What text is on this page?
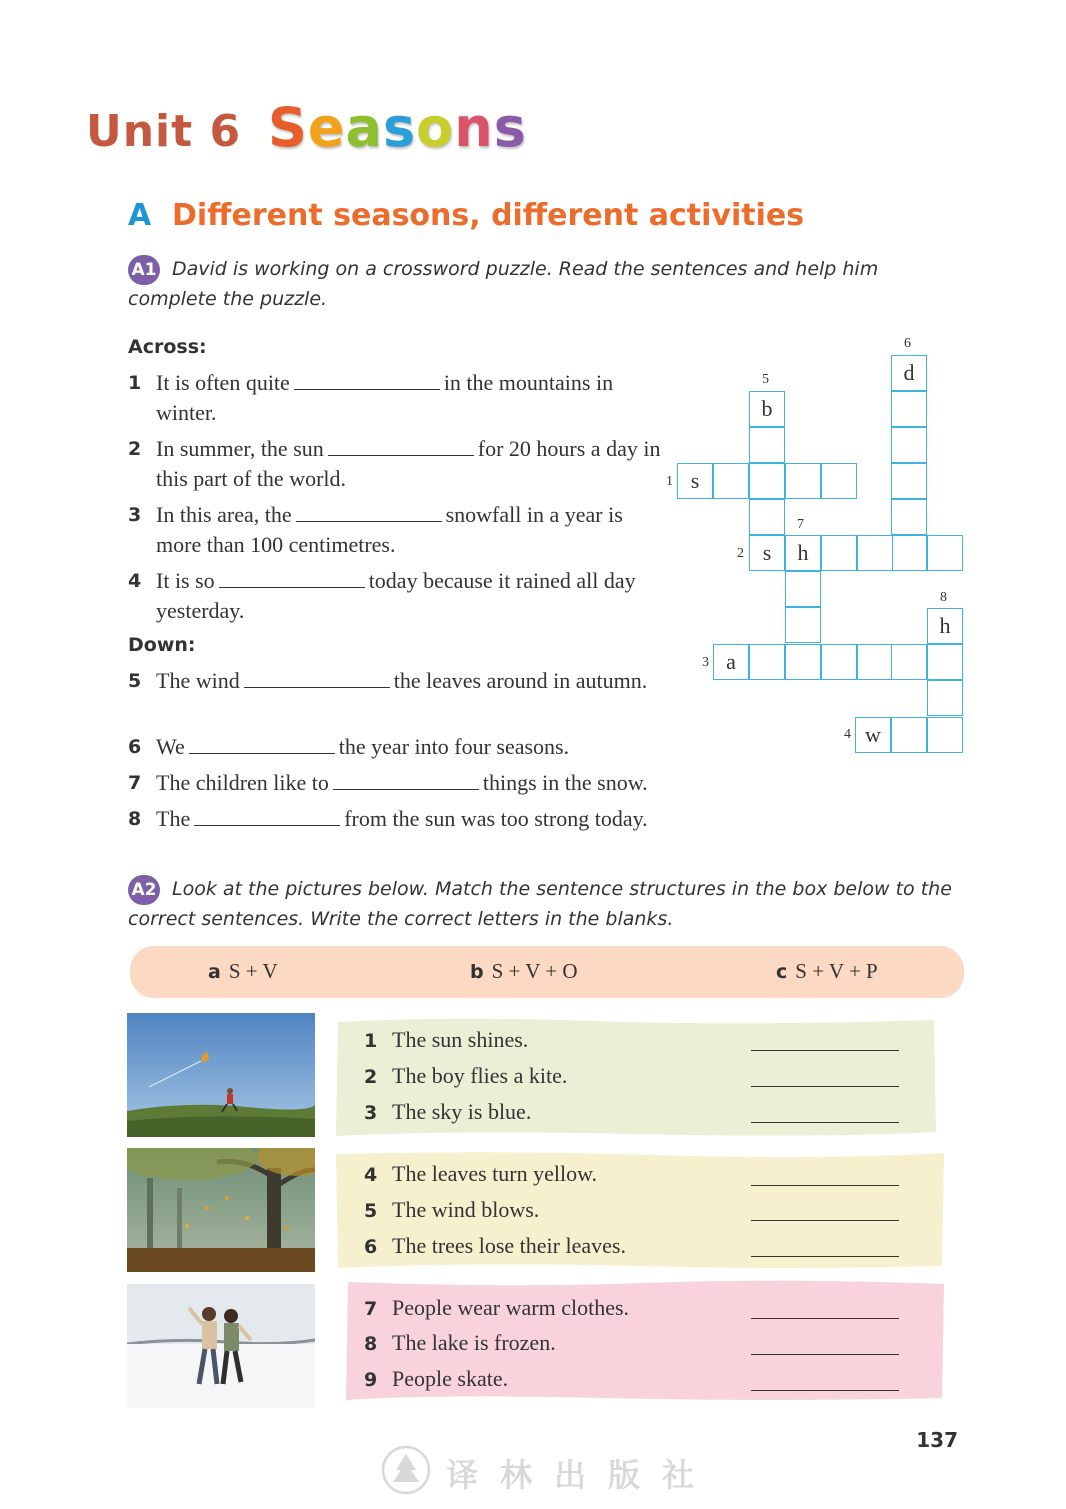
Unit 6 Seasons
A Different seasons, different activities
A1 David is working on a crossword puzzle. Read the sentences and help him complete the puzzle.
Across:
1 It is often quite	in the mountains in winter.
2 In summer, the sun	for 20 hours a day in this part of the world.
3 In this area, the	snowfall in a year is more than 100 centimetres.
4 It is so	today because it rained all day yesterday.
Down:
5 The wind	the leaves around in autumn.
6 We	the year into four seasons.
7 The children like to	things in the snow.
8 The	from the sun was too strong today.
6
5
1
7
2
8
3
4
d
b
s
s	h
h
a
w
A2 Look at the pictures below. Match the sentence structures in the box below to the correct sentences. Write the correct letters in the blanks.
a S + V	b S + V + O	c S + V + P
1 The sun shines.
2 The boy flies a kite.
3 The sky is blue.
4 The leaves turn yellow.
5 The wind blows.
6 The trees lose their leaves.
7 People wear warm clothes.
8 The lake is frozen.
9 People skate.
137
译林出版社
